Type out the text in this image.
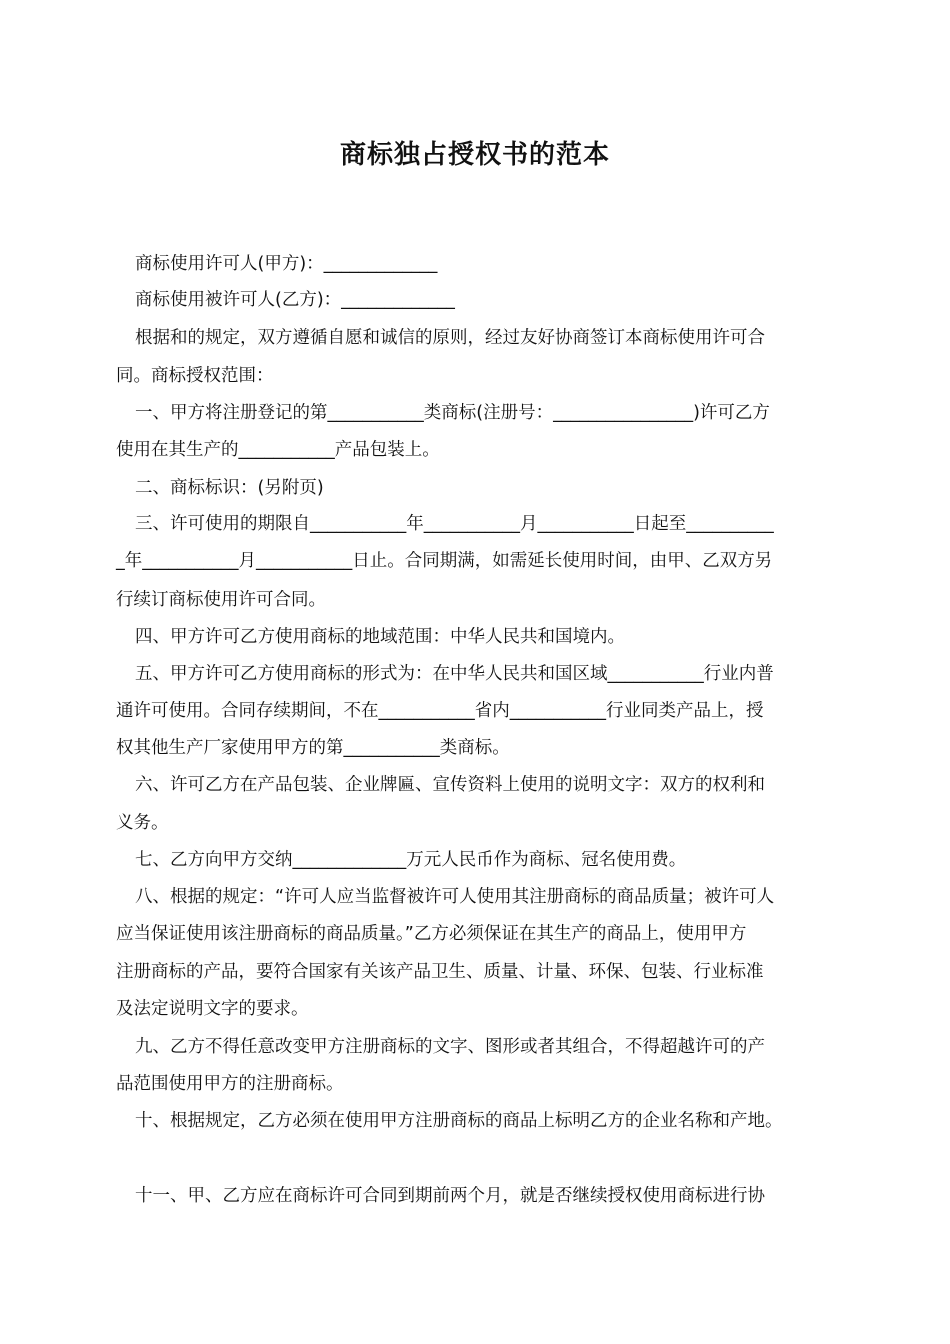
商标独占授权书的范本
商标使用许可人(甲方)：_____________
商标使用被许可人(乙方)：_____________
根据和的规定，双方遵循自愿和诚信的原则，经过友好协商签订本商标使用许可合
同。商标授权范围：
一、甲方将注册登记的第___________类商标(注册号：________________)许可乙方
使用在其生产的___________产品包装上。
二、商标标识：(另附页)
三、许可使用的期限自___________年___________月___________日起至__________
_年___________月___________日止。合同期满，如需延长使用时间，由甲、乙双方另
行续订商标使用许可合同。
四、甲方许可乙方使用商标的地域范围：中华人民共和国境内。
五、甲方许可乙方使用商标的形式为：在中华人民共和国区域___________行业内普
通许可使用。合同存续期间，不在___________省内___________行业同类产品上，授
权其他生产厂家使用甲方的第___________类商标。
六、许可乙方在产品包装、企业牌匾、宣传资料上使用的说明文字：双方的权利和
义务。
七、乙方向甲方交纳_____________万元人民币作为商标、冠名使用费。
八、根据的规定：“许可人应当监督被许可人使用其注册商标的商品质量；被许可人
应当保证使用该注册商标的商品质量。”乙方必须保证在其生产的商品上，使用甲方
注册商标的产品，要符合国家有关该产品卫生、质量、计量、环保、包装、行业标准
及法定说明文字的要求。
九、乙方不得任意改变甲方注册商标的文字、图形或者其组合，不得超越许可的产
品范围使用甲方的注册商标。
十、根据规定，乙方必须在使用甲方注册商标的商品上标明乙方的企业名称和产地。
十一、甲、乙方应在商标许可合同到期前两个月，就是否继续授权使用商标进行协
